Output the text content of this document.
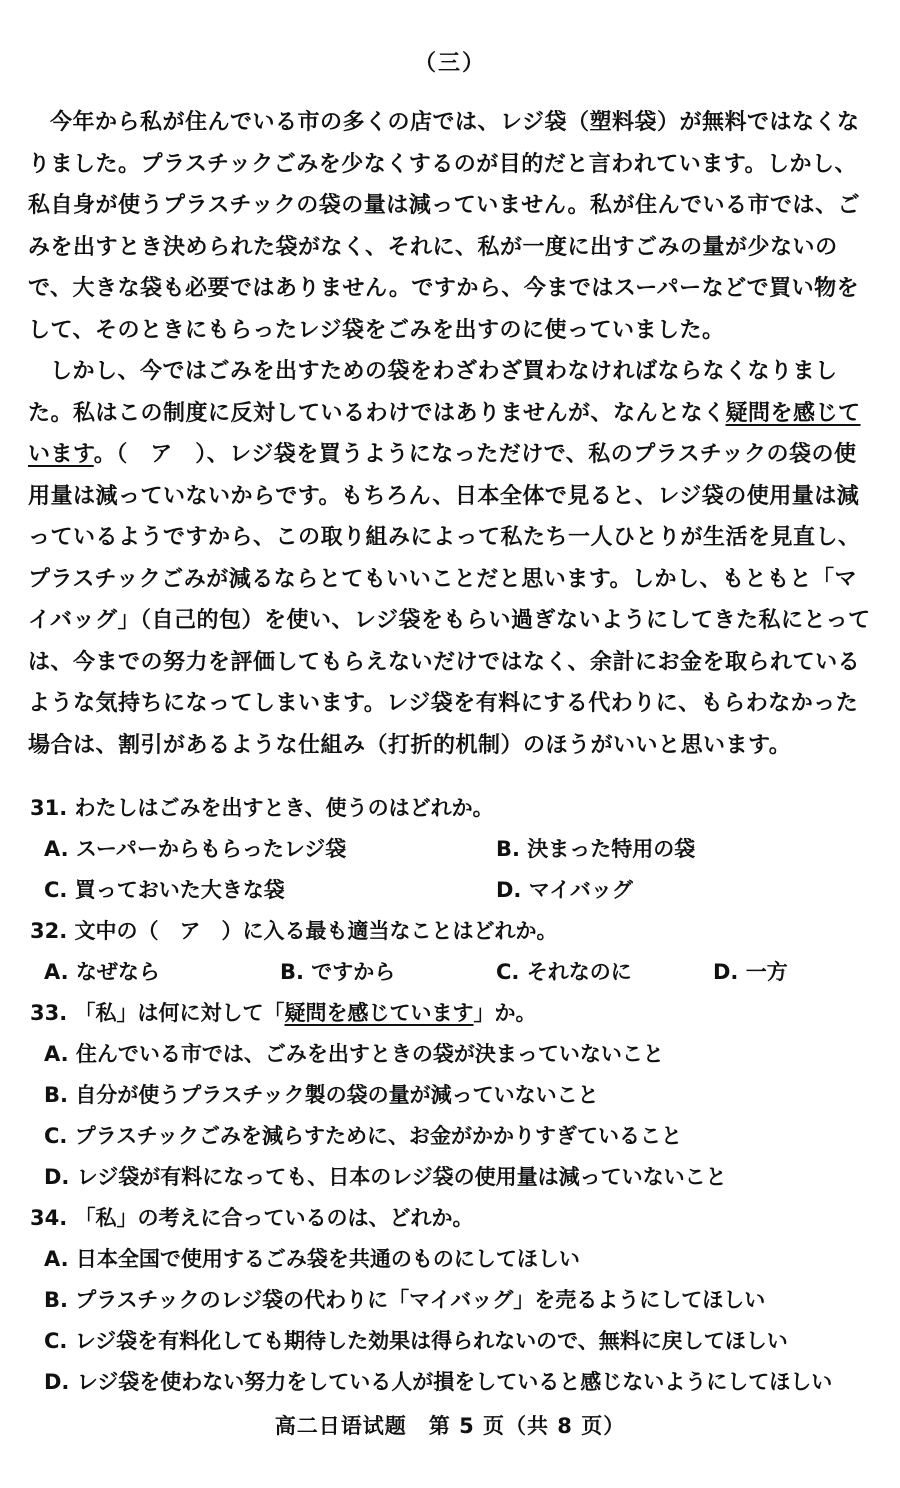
（三）

今年から私が住んでいる市の多くの店では、レジ袋（塑料袋）が無料ではなくなりました。プラスチックごみを少なくするのが目的だと言われています。しかし、私自身が使うプラスチックの袋の量は減っていません。私が住んでいる市では、ごみを出すとき決められた袋がなく、それに、私が一度に出すごみの量が少ないので、大きな袋も必要ではありません。ですから、今まではスーパーなどで買い物をして、そのときにもらったレジ袋をごみを出すのに使っていました。

しかし、今ではごみを出すための袋をわざわざ買わなければならなくなりました。私はこの制度に反対しているわけではありませんが、なんとなく疑問を感じています。（　ア　）、レジ袋を買うようになっただけで、私のプラスチックの袋の使用量は減っていないからです。もちろん、日本全体で見ると、レジ袋の使用量は減っているようですから、この取り組みによって私たち一人ひとりが生活を見直し、プラスチックごみが減るならとてもいいことだと思います。しかし、もともと「マイバッグ」（自己的包）を使い、レジ袋をもらい過ぎないようにしてきた私にとっては、今までの努力を評価してもらえないだけではなく、余計にお金を取られているような気持ちになってしまいます。レジ袋を有料にする代わりに、もらわなかった場合は、割引があるような仕組み（打折的机制）のほうがいいと思います。

31. わたしはごみを出すとき、使うのはどれか。
A. スーパーからもらったレジ袋	B. 決まった特用の袋
C. 買っておいた大きな袋	D. マイバッグ
32. 文中の（　ア　）に入る最も適当なことはどれか。
A. なぜなら	B. ですから	C. それなのに	D. 一方
33. 「私」は何に対して「疑問を感じています」か。
A. 住んでいる市では、ごみを出すときの袋が決まっていないこと
B. 自分が使うプラスチック製の袋の量が減っていないこと
C. プラスチックごみを減らすために、お金がかかりすぎていること
D. レジ袋が有料になっても、日本のレジ袋の使用量は減っていないこと
34. 「私」の考えに合っているのは、どれか。
A. 日本全国で使用するごみ袋を共通のものにしてほしい
B. プラスチックのレジ袋の代わりに「マイバッグ」を売るようにしてほしい
C. レジ袋を有料化しても期待した効果は得られないので、無料に戻してほしい
D. レジ袋を使わない努力をしている人が損をしていると感じないようにしてほしい
高二日语试题　第 5 页（共 8 页）
